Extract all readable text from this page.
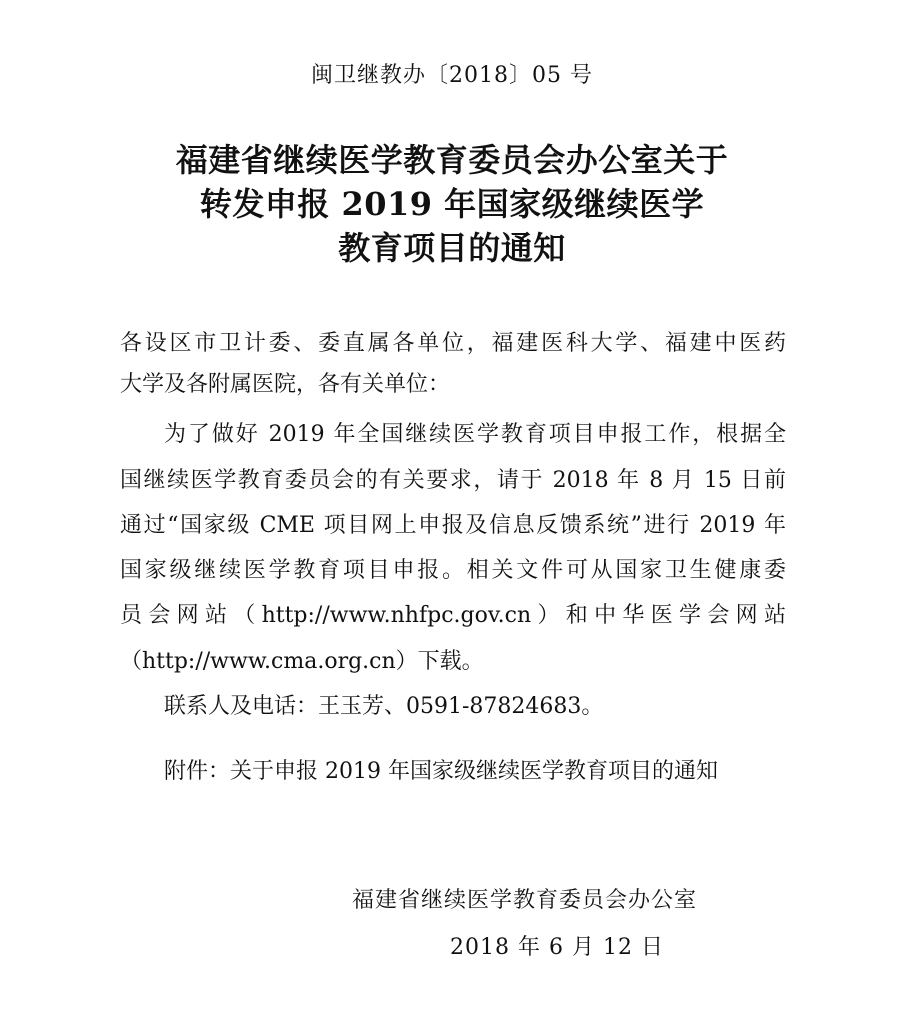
闽卫继教办〔2018〕05 号
福建省继续医学教育委员会办公室关于
转发申报 2019 年国家级继续医学
教育项目的通知
各设区市卫计委、委直属各单位，福建医科大学、福建中医药
大学及各附属医院，各有关单位：
为了做好 2019 年全国继续医学教育项目申报工作，根据全
国继续医学教育委员会的有关要求，请于 2018 年 8 月 15 日前
通过“国家级 CME 项目网上申报及信息反馈系统”进行 2019 年
国家级继续医学教育项目申报。相关文件可从国家卫生健康委
员会网站（http://www.nhfpc.gov.cn）和中华医学会网站
（http://www.cma.org.cn）下载。
联系人及电话：王玉芳、0591-87824683。
附件：关于申报 2019 年国家级继续医学教育项目的通知
福建省继续医学教育委员会办公室
2018 年 6 月 12 日
